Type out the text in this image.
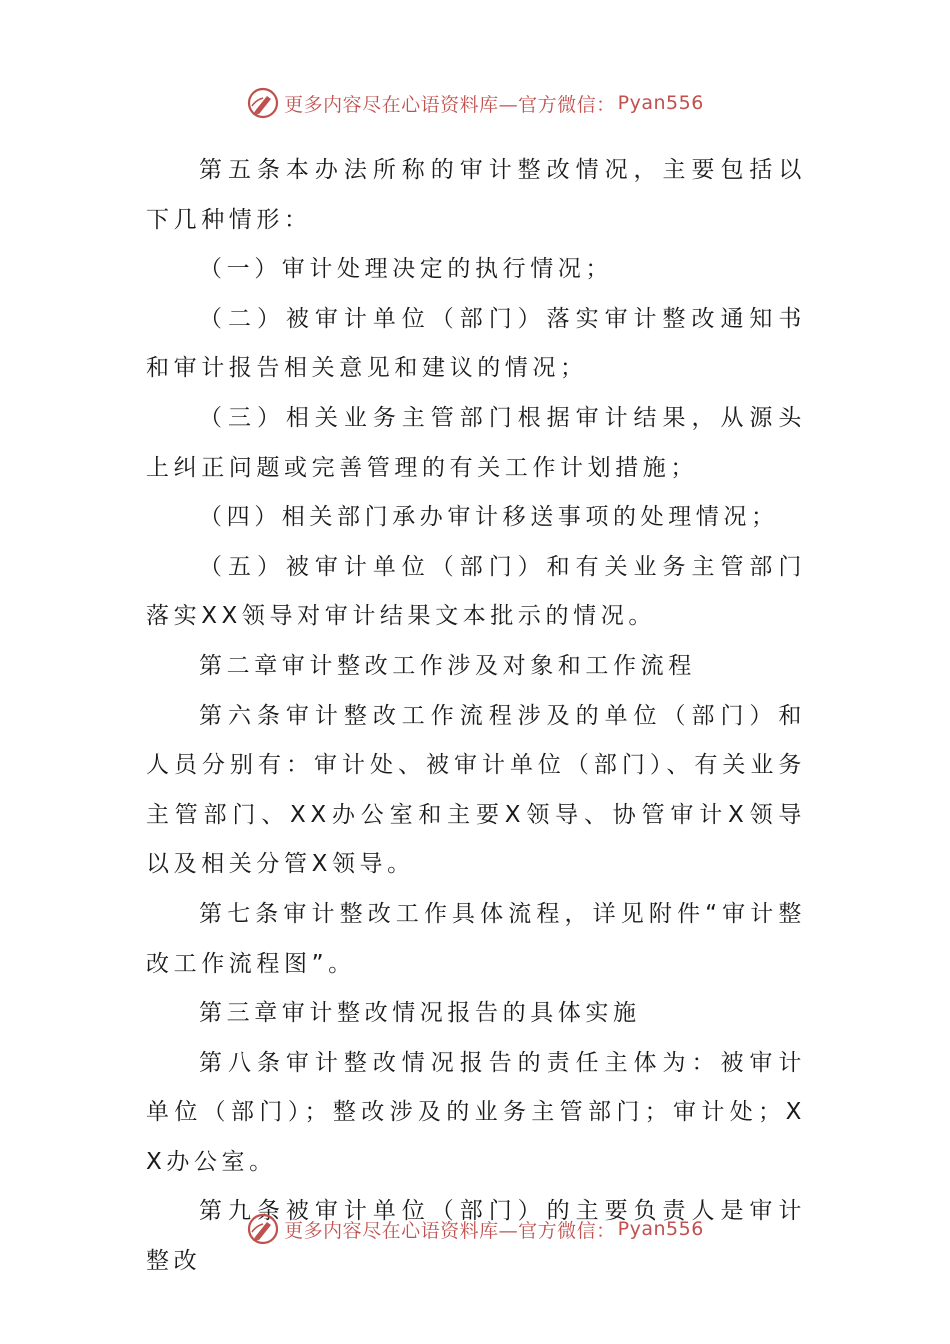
更多内容尽在心语资料库—官方微信： Pyan556

第五条本办法所称的审计整改情况，主要包括以下几种情形：

（一）审计处理决定的执行情况；

（二）被审计单位（部门）落实审计整改通知书和审计报告相关意见和建议的情况；

（三）相关业务主管部门根据审计结果，从源头上纠正问题或完善管理的有关工作计划措施；

（四）相关部门承办审计移送事项的处理情况；

（五）被审计单位（部门）和有关业务主管部门落实XX领导对审计结果文本批示的情况。

第二章审计整改工作涉及对象和工作流程

第六条审计整改工作流程涉及的单位（部门）和人员分别有：审计处、被审计单位（部门）、有关业务主管部门、XX办公室和主要X领导、协管审计X领导以及相关分管X领导。

第七条审计整改工作具体流程，详见附件“审计整改工作流程图”。

第三章审计整改情况报告的具体实施

第八条审计整改情况报告的责任主体为：被审计单位（部门）；整改涉及的业务主管部门；审计处；XX办公室。

第九条被审计单位（部门）的主要负责人是审计整改

更多内容尽在心语资料库—官方微信： Pyan556
